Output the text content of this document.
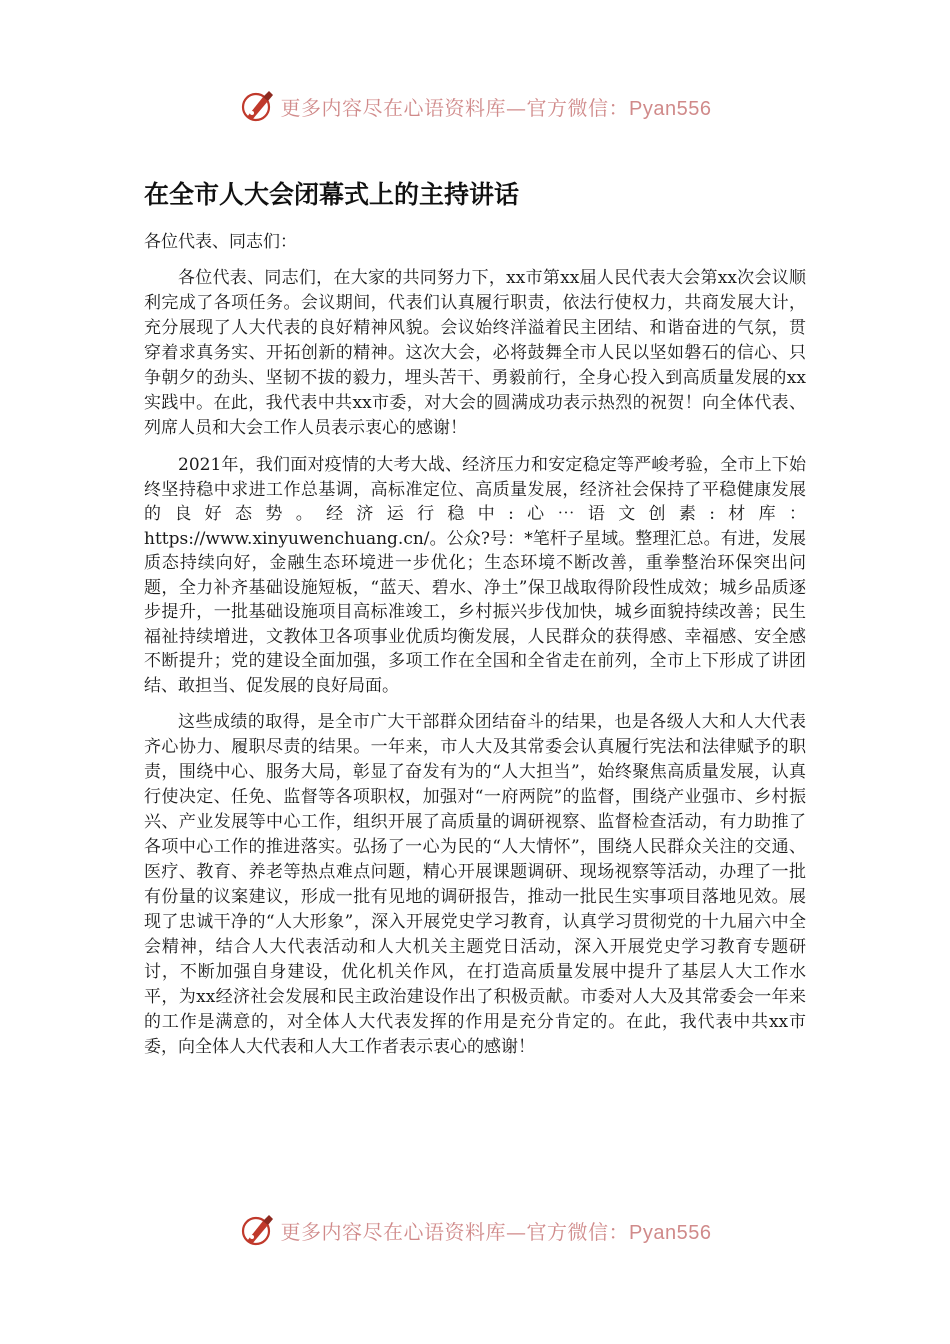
更多内容尽在心语资料库—官方微信：Pyan556
在全市人大会闭幕式上的主持讲话

各位代表、同志们：

各位代表、同志们，在大家的共同努力下，xx市第xx届人民代表大会第xx次会议顺利完成了各项任务。会议期间，代表们认真履行职责，依法行使权力，共商发展大计，充分展现了人大代表的良好精神风貌。会议始终洋溢着民主团结、和谐奋进的气氛，贯穿着求真务实、开拓创新的精神。这次大会，必将鼓舞全市人民以坚如磐石的信心、只争朝夕的劲头、坚韧不拔的毅力，埋头苦干、勇毅前行，全身心投入到高质量发展的xx实践中。在此，我代表中共xx市委，对大会的圆满成功表示热烈的祝贺！向全体代表、列席人员和大会工作人员表示衷心的感谢！

2021年，我们面对疫情的大考大战、经济压力和安定稳定等严峻考验，全市上下始终坚持稳中求进工作总基调，高标准定位、高质量发展，经济社会保持了平稳健康发展的良好态势。经济运行稳中:心⋯语文创素:材库：https://www.xinyuwenchuang.cn/。公众?号：*笔杆子星域。整理汇总。有进，发展质态持续向好，金融生态环境进一步优化；生态环境不断改善，重拳整治环保突出问题，全力补齐基础设施短板，“蓝天、碧水、净土”保卫战取得阶段性成效；城乡品质逐步提升，一批基础设施项目高标准竣工，乡村振兴步伐加快，城乡面貌持续改善；民生福祉持续增进，文教体卫各项事业优质均衡发展，人民群众的获得感、幸福感、安全感不断提升；党的建设全面加强，多项工作在全国和全省走在前列，全市上下形成了讲团结、敢担当、促发展的良好局面。

这些成绩的取得，是全市广大干部群众团结奋斗的结果，也是各级人大和人大代表齐心协力、履职尽责的结果。一年来，市人大及其常委会认真履行宪法和法律赋予的职责，围绕中心、服务大局，彰显了奋发有为的“人大担当”，始终聚焦高质量发展，认真行使决定、任免、监督等各项职权，加强对“一府两院”的监督，围绕产业强市、乡村振兴、产业发展等中心工作，组织开展了高质量的调研视察、监督检查活动，有力助推了各项中心工作的推进落实。弘扬了一心为民的“人大情怀”，围绕人民群众关注的交通、医疗、教育、养老等热点难点问题，精心开展课题调研、现场视察等活动，办理了一批有份量的议案建议，形成一批有见地的调研报告，推动一批民生实事项目落地见效。展现了忠诚干净的“人大形象”，深入开展党史学习教育，认真学习贯彻党的十九届六中全会精神，结合人大代表活动和人大机关主题党日活动，深入开展党史学习教育专题研讨，不断加强自身建设，优化机关作风，在打造高质量发展中提升了基层人大工作水平，为xx经济社会发展和民主政治建设作出了积极贡献。市委对人大及其常委会一年来的工作是满意的，对全体人大代表发挥的作用是充分肯定的。在此，我代表中共xx市委，向全体人大代表和人大工作者表示衷心的感谢！

更多内容尽在心语资料库—官方微信：Pyan556
